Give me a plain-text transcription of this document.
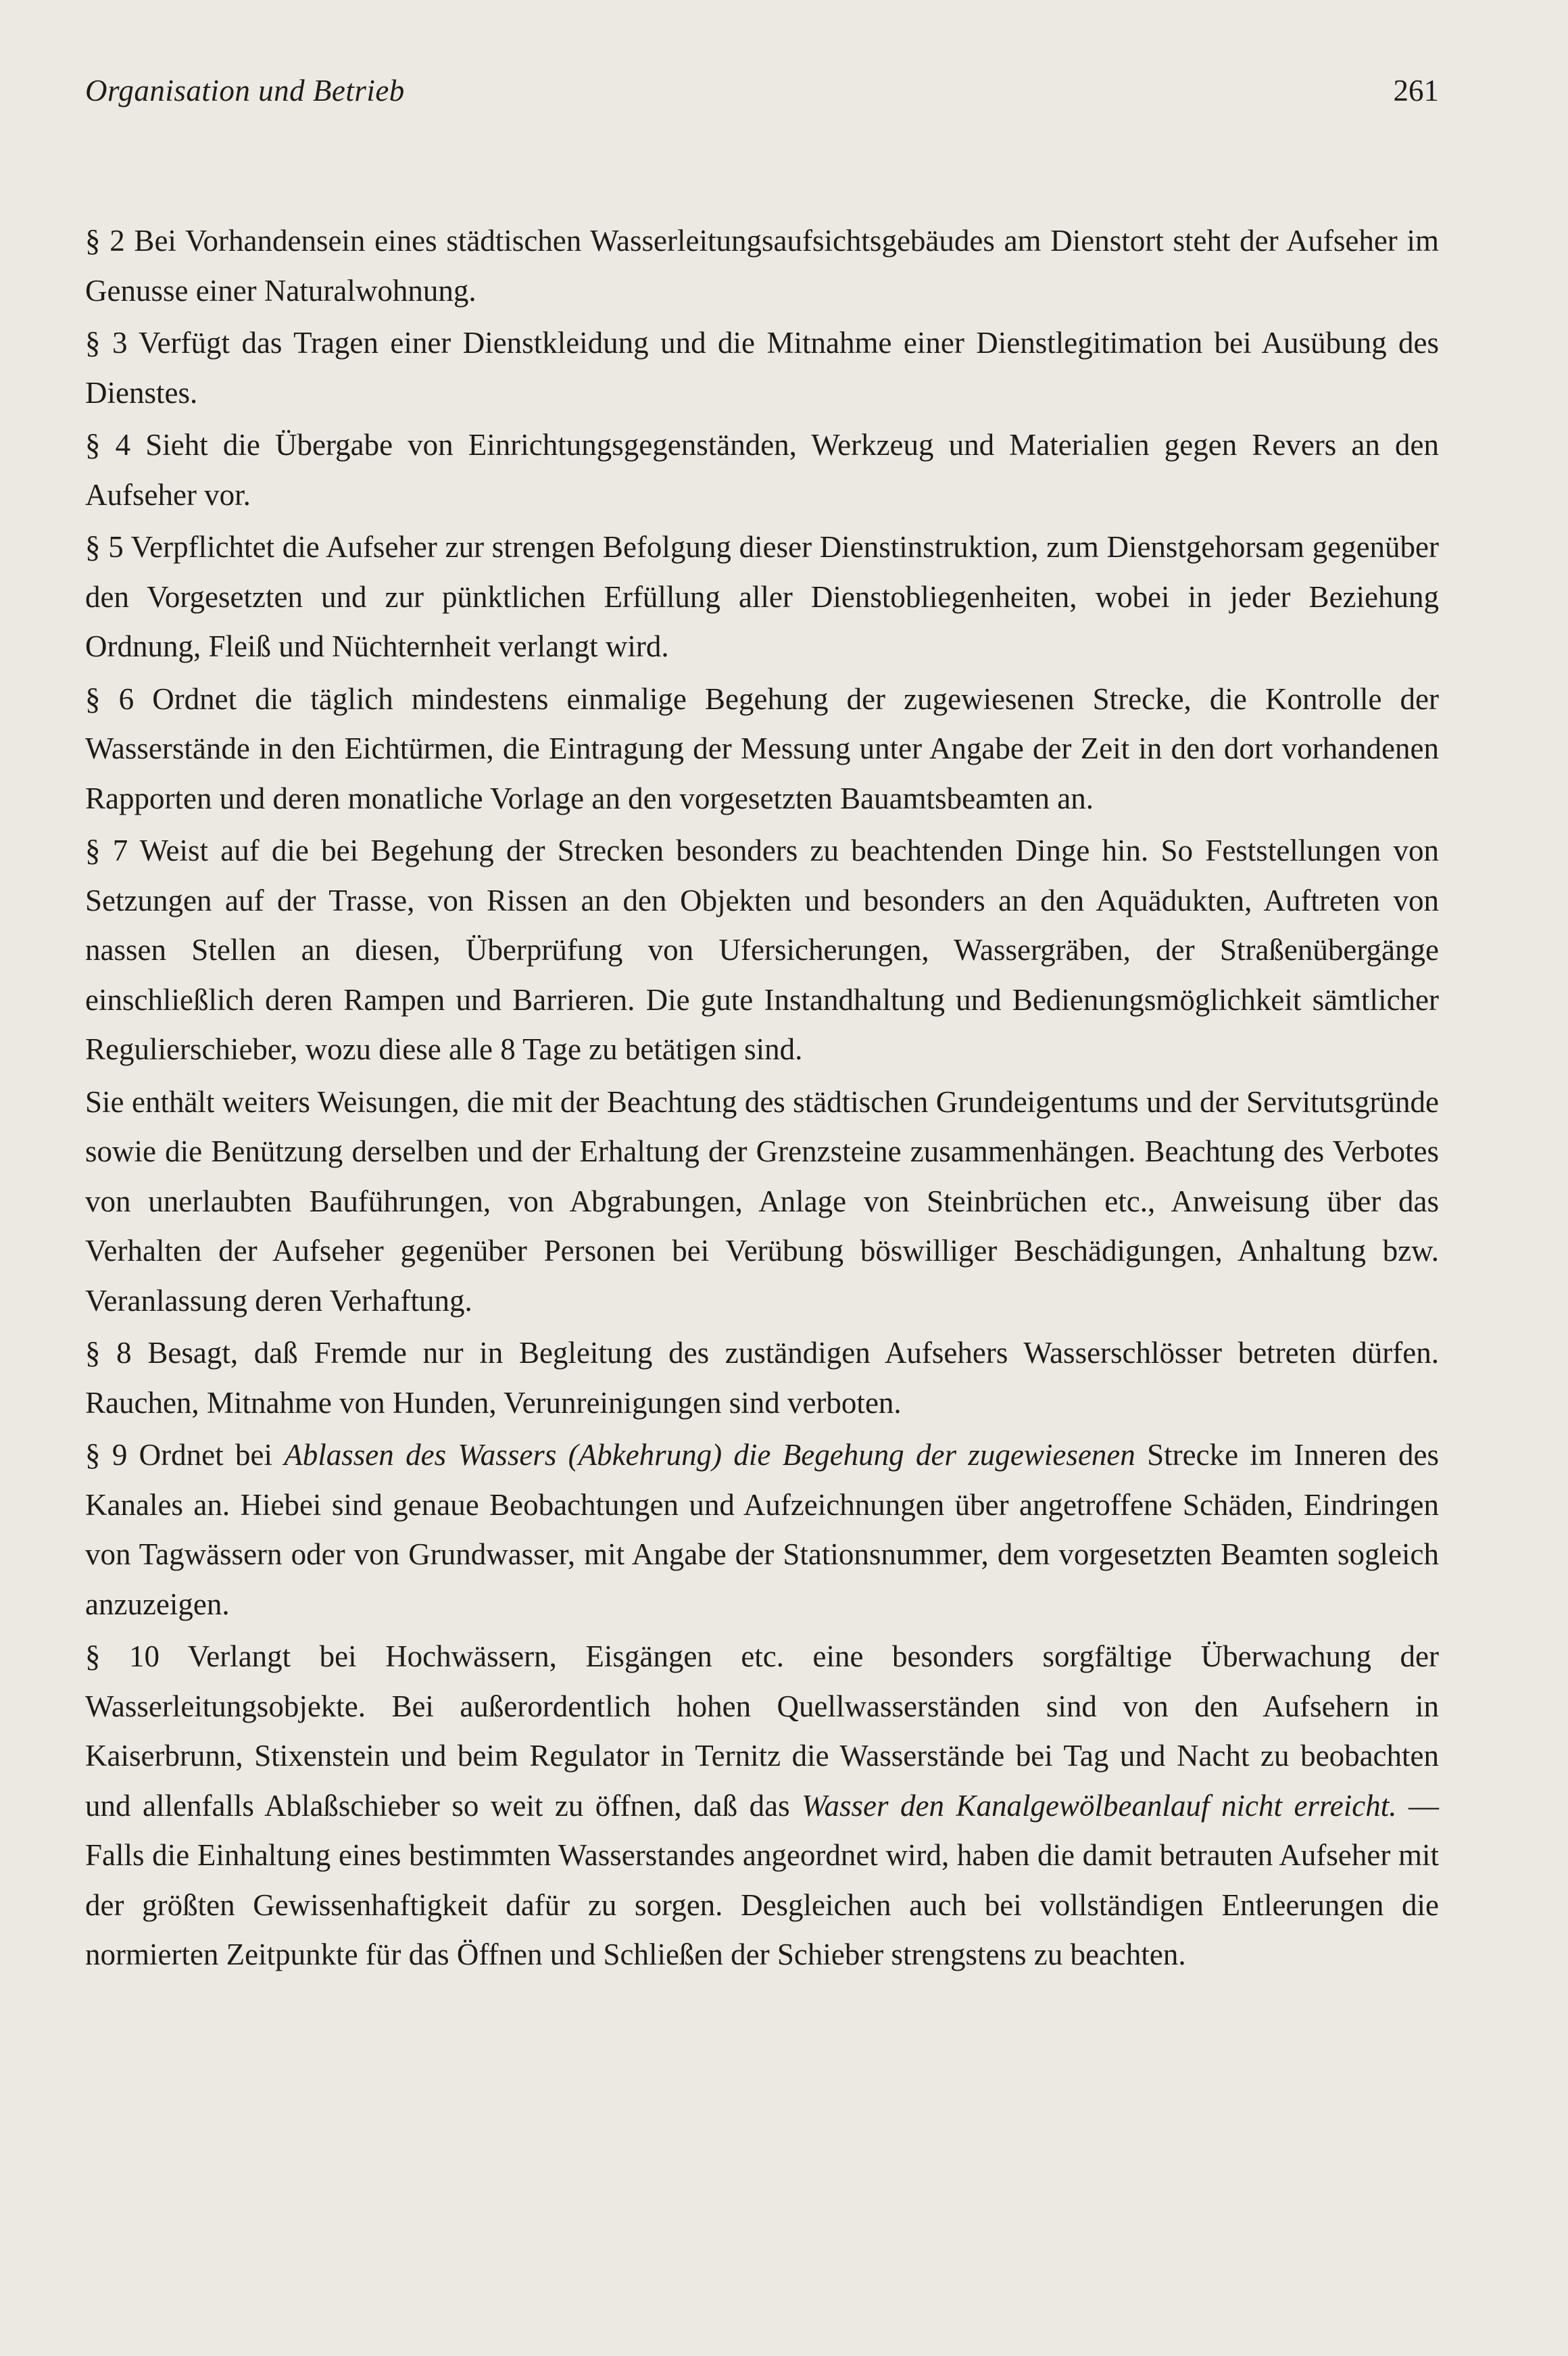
Organisation und Betrieb	261

§ 2 Bei Vorhandensein eines städtischen Wasserleitungsaufsichtsgebäudes am Dienstort steht der Aufseher im Genusse einer Naturalwohnung.

§ 3 Verfügt das Tragen einer Dienstkleidung und die Mitnahme einer Dienstlegitimation bei Ausübung des Dienstes.

§ 4 Sieht die Übergabe von Einrichtungsgegenständen, Werkzeug und Materialien gegen Revers an den Aufseher vor.

§ 5 Verpflichtet die Aufseher zur strengen Befolgung dieser Dienstinstruktion, zum Dienstgehorsam gegenüber den Vorgesetzten und zur pünktlichen Erfüllung aller Dienstobliegenheiten, wobei in jeder Beziehung Ordnung, Fleiß und Nüchternheit verlangt wird.

§ 6 Ordnet die täglich mindestens einmalige Begehung der zugewiesenen Strecke, die Kontrolle der Wasserstände in den Eichtürmen, die Eintragung der Messung unter Angabe der Zeit in den dort vorhandenen Rapporten und deren monatliche Vorlage an den vorgesetzten Bauamtsbeamten an.

§ 7 Weist auf die bei Begehung der Strecken besonders zu beachtenden Dinge hin. So Feststellungen von Setzungen auf der Trasse, von Rissen an den Objekten und besonders an den Aquädukten, Auftreten von nassen Stellen an diesen, Überprüfung von Ufersicherungen, Wassergräben, der Straßenübergänge einschließlich deren Rampen und Barrieren. Die gute Instandhaltung und Bedienungsmöglichkeit sämtlicher Regulierschieber, wozu diese alle 8 Tage zu betätigen sind.

Sie enthält weiters Weisungen, die mit der Beachtung des städtischen Grundeigentums und der Servitutsgründe sowie die Benützung derselben und der Erhaltung der Grenzsteine zusammenhängen. Beachtung des Verbotes von unerlaubten Bauführungen, von Abgrabungen, Anlage von Steinbrüchen etc., Anweisung über das Verhalten der Aufseher gegenüber Personen bei Verübung böswilliger Beschädigungen, Anhaltung bzw. Veranlassung deren Verhaftung.

§ 8 Besagt, daß Fremde nur in Begleitung des zuständigen Aufsehers Wasserschlösser betreten dürfen. Rauchen, Mitnahme von Hunden, Verunreinigungen sind verboten.

§ 9 Ordnet bei Ablassen des Wassers (Abkehrung) die Begehung der zugewiesenen Strecke im Inneren des Kanales an. Hiebei sind genaue Beobachtungen und Aufzeichnungen über angetroffene Schäden, Eindringen von Tagwässern oder von Grundwasser, mit Angabe der Stationsnummer, dem vorgesetzten Beamten sogleich anzuzeigen.

§ 10 Verlangt bei Hochwässern, Eisgängen etc. eine besonders sorgfältige Überwachung der Wasserleitungsobjekte. Bei außerordentlich hohen Quellwasserständen sind von den Aufsehern in Kaiserbrunn, Stixenstein und beim Regulator in Ternitz die Wasserstände bei Tag und Nacht zu beobachten und allenfalls Ablaßschieber so weit zu öffnen, daß das Wasser den Kanalgewölbeanlauf nicht erreicht. — Falls die Einhaltung eines bestimmten Wasserstandes angeordnet wird, haben die damit betrauten Aufseher mit der größten Gewissenhaftigkeit dafür zu sorgen. Desgleichen auch bei vollständigen Entleerungen die normierten Zeitpunkte für das Öffnen und Schließen der Schieber strengstens zu beachten.
